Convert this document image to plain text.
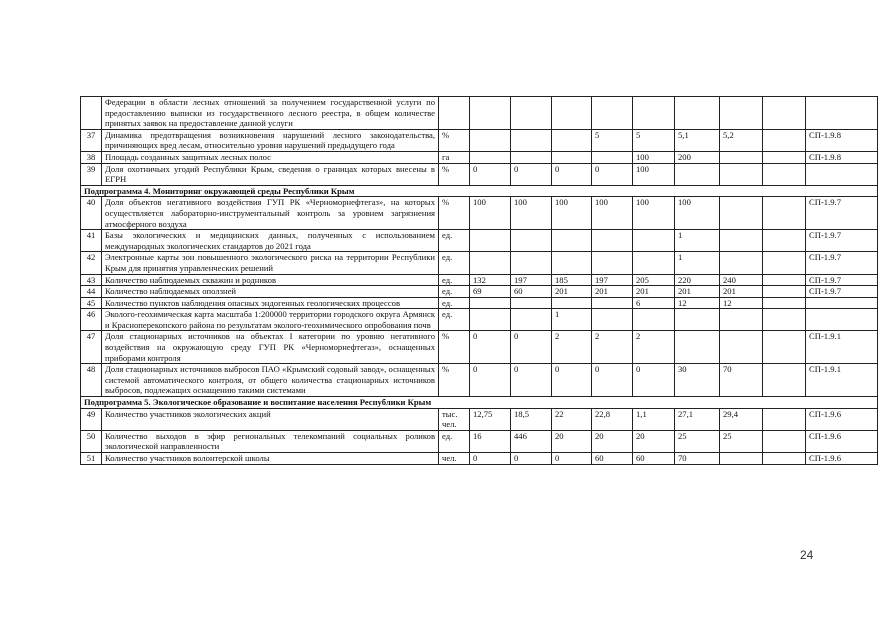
	Федерации в области лесных отношений за получением государственной услуги по предоставлению выписки из государственного лесного реестра, в общем количестве принятых заявок на предоставление данной услуги										
37	Динамика предотвращения возникновения нарушений лесного законодательства, причиняющих вред лесам, относительно уровня нарушений предыдущего года	%				5	5	5,1	5,2		СП-1.9.8
38	Площадь созданных защитных лесных полос	га					100	200			СП-1.9.8
39	Доля охотничьих угодий Республики Крым, сведения о границах которых внесены в ЕГРН	%	0	0	0	0	100				
Подпрограмма 4. Мониторинг окружающей среды Республики Крым											
40	Доля объектов негативного воздействия ГУП РК «Черноморнефтегаз», на которых осуществляется лабораторно-инструментальный контроль за уровнем загрязнения атмосферного воздуха	%	100	100	100	100	100	100			СП-1.9.7
41	Базы экологических и медицинских данных, полученных с использованием международных экологических стандартов до 2021 года	ед.						1			СП-1.9.7
42	Электронные карты зон повышенного экологического риска на территории Республики Крым для принятия управленческих решений	ед.						1			СП-1.9.7
43	Количество наблюдаемых скважин и родников	ед.	132	197	185	197	205	220	240		СП-1.9.7
44	Количество наблюдаемых оползней	ед.	69	60	201	201	201	201	201		СП-1.9.7
45	Количество пунктов наблюдения опасных эндогенных геологических процессов	ед.					6	12	12		
46	Эколого-геохимическая карта масштаба 1:200000 территории городского округа Армянск и Красноперекопского района по результатам эколого-геохимического опробования почв	ед.			1						
47	Доля стационарных источников на объектах I категории по уровню негативного воздействия на окружающую среду ГУП РК «Черноморнефтегаз», оснащенных приборами контроля	%	0	0	2	2	2				СП-1.9.1
48	Доля стационарных источников выбросов ПАО «Крымский содовый завод», оснащенных системой автоматического контроля, от общего количества стационарных источников выбросов, подлежащих оснащению такими системами	%	0	0	0	0	0	30	70		СП-1.9.1
Подпрограмма 5. Экологическое образование и воспитание населения Республики Крым											
49	Количество участников экологических акций	тыс. чел.	12,75	18,5	22	22,8	1,1	27,1	29,4		СП-1.9.6
50	Количество выходов в эфир региональных телекомпаний социальных роликов экологической направленности	ед.	16	446	20	20	20	25	25		СП-1.9.6
51	Количество участников волонтерской школы	чел.	0	0	0	60	60	70			СП-1.9.6
24
